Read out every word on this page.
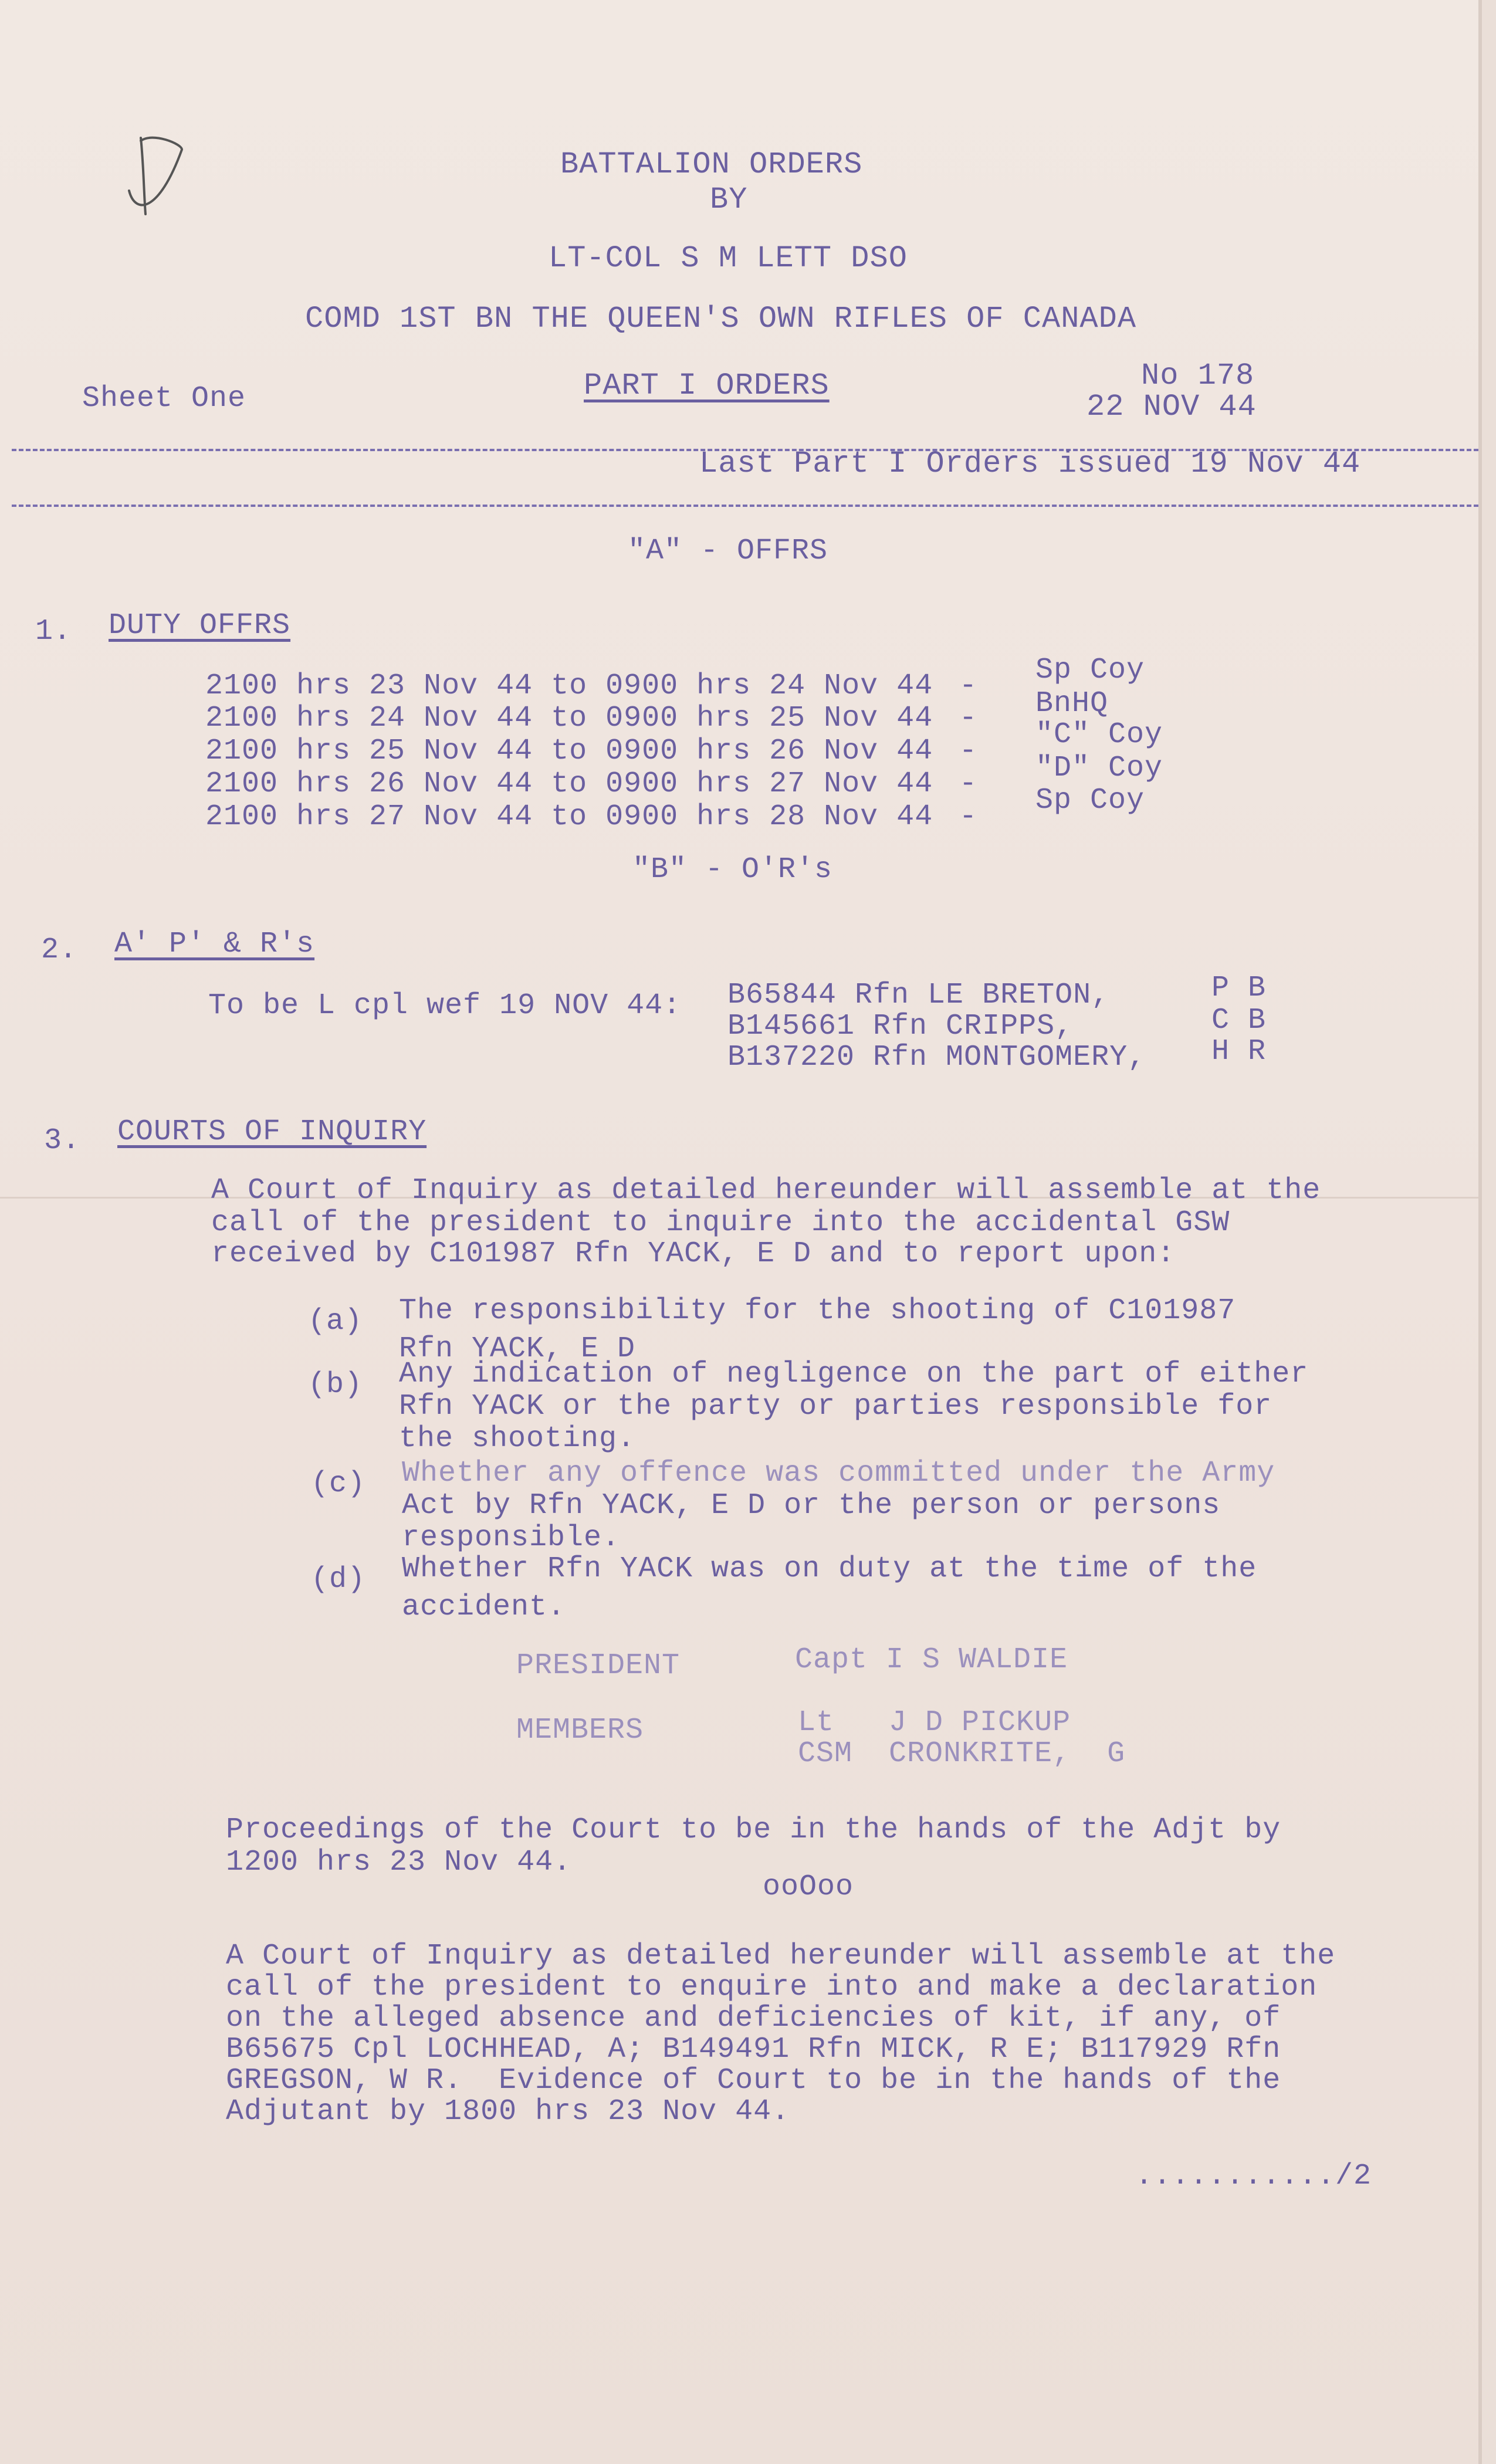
BATTALION ORDERS
BY
LT-COL S M LETT DSO
COMD 1ST BN THE QUEEN'S OWN RIFLES OF CANADA
Sheet One	PART I ORDERS	No 178
22 NOV 44
Last Part I Orders issued 19 Nov 44
"A" - OFFRS
1. DUTY OFFRS
2100 hrs 23 Nov 44 to 0900 hrs 24 Nov 44 - Sp Coy
2100 hrs 24 Nov 44 to 0900 hrs 25 Nov 44 - BnHQ
2100 hrs 25 Nov 44 to 0900 hrs 26 Nov 44 - "C" Coy
2100 hrs 26 Nov 44 to 0900 hrs 27 Nov 44 - "D" Coy
2100 hrs 27 Nov 44 to 0900 hrs 28 Nov 44 - Sp Coy
"B" - O'R's
2. A' P' & R's
To be L cpl wef 19 NOV 44: B65844 Rfn LE BRETON,	P B
B145661 Rfn CRIPPS,	C B
B137220 Rfn MONTGOMERY, H R
3. COURTS OF INQUIRY
A Court of Inquiry as detailed hereunder will assemble at the
call of the president to inquire into the accidental GSW
received by C101987 Rfn YACK, E D and to report upon:
(a) The responsibility for the shooting of C101987
Rfn YACK, E D
(b) Any indication of negligence on the part of either
Rfn YACK or the party or parties responsible for
the shooting.
(c) Whether any offence was committed under the Army
Act by Rfn YACK, E D or the person or persons
responsible.
(d) Whether Rfn YACK was on duty at the time of the
accident.
PRESIDENT	Capt I S WALDIE
MEMBERS	Lt   J D PICKUP
CSM  CRONKRITE,  G
Proceedings of the Court to be in the hands of the Adjt by
1200 hrs 23 Nov 44.
ooOoo
A Court of Inquiry as detailed hereunder will assemble at the
call of the president to enquire into and make a declaration
on the alleged absence and deficiencies of kit, if any, of
B65675 Cpl LOCHHEAD, A; B149491 Rfn MICK, R E; B117929 Rfn
GREGSON, W R.  Evidence of Court to be in the hands of the
Adjutant by 1800 hrs 23 Nov 44.
.........../2
